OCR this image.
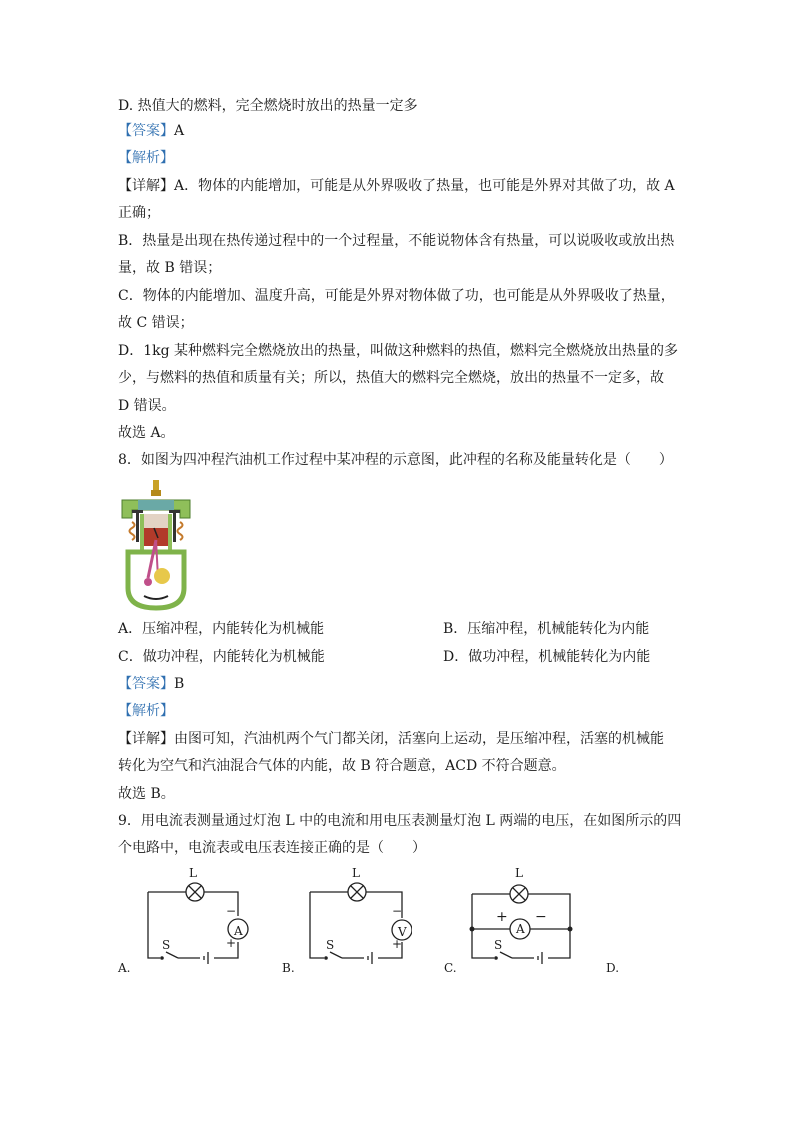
D. 热值大的燃料，完全燃烧时放出的热量一定多
【答案】A
【解析】
【详解】A．物体的内能增加，可能是从外界吸收了热量，也可能是外界对其做了功，故 A
正确；
B．热量是出现在热传递过程中的一个过程量，不能说物体含有热量，可以说吸收或放出热
量，故 B 错误；
C．物体的内能增加、温度升高，可能是外界对物体做了功，也可能是从外界吸收了热量，
故 C 错误；
D．1kg 某种燃料完全燃烧放出的热量，叫做这种燃料的热值，燃料完全燃烧放出热量的多
少，与燃料的热值和质量有关；所以，热值大的燃料完全燃烧，放出的热量不一定多，故
D 错误。
故选 A。
8．如图为四冲程汽油机工作过程中某冲程的示意图，此冲程的名称及能量转化是（　　）
A．压缩冲程，内能转化为机械能	B．压缩冲程，机械能转化为内能
C．做功冲程，内能转化为机械能	D．做功冲程，机械能转化为内能
【答案】B
【解析】
【详解】由图可知，汽油机两个气门都关闭，活塞向上运动，是压缩冲程，活塞的机械能
转化为空气和汽油混合气体的内能，故 B 符合题意，ACD 不符合题意。
故选 B。
9．用电流表测量通过灯泡 L 中的电流和用电压表测量灯泡 L 两端的电压，在如图所示的四
个电路中，电流表或电压表连接正确的是（　　）
L
A
−
+
S
A.
L
V
−
+
S
B.
L
A
+ −
S
C.	D.
